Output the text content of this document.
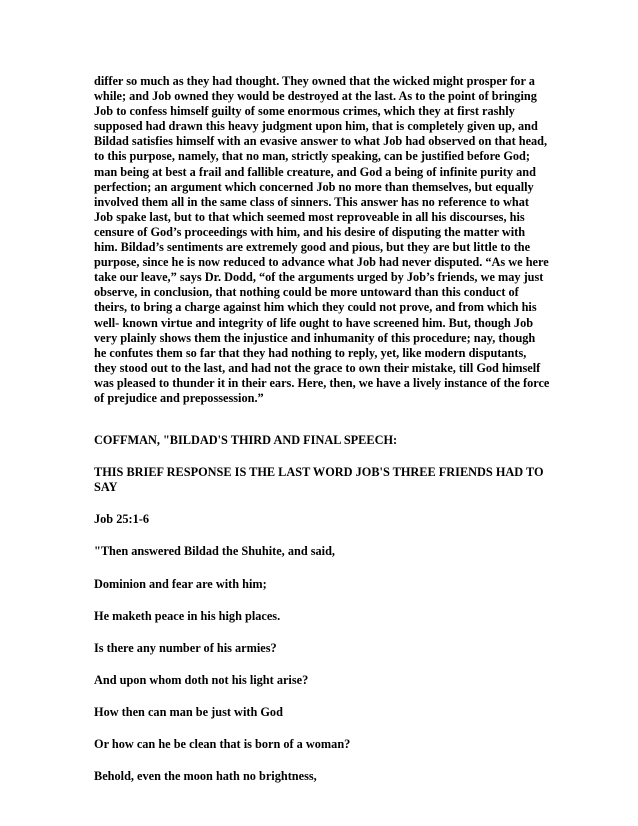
differ so much as they had thought. They owned that the wicked might prosper for a while; and Job owned they would be destroyed at the last. As to the point of bringing Job to confess himself guilty of some enormous crimes, which they at first rashly supposed had drawn this heavy judgment upon him, that is completely given up, and Bildad satisfies himself with an evasive answer to what Job had observed on that head, to this purpose, namely, that no man, strictly speaking, can be justified before God; man being at best a frail and fallible creature, and God a being of infinite purity and perfection; an argument which concerned Job no more than themselves, but equally involved them all in the same class of sinners. This answer has no reference to what Job spake last, but to that which seemed most reproveable in all his discourses, his censure of God’s proceedings with him, and his desire of disputing the matter with him. Bildad’s sentiments are extremely good and pious, but they are but little to the purpose, since he is now reduced to advance what Job had never disputed. “As we here take our leave,” says Dr. Dodd, “of the arguments urged by Job’s friends, we may just observe, in conclusion, that nothing could be more untoward than this conduct of theirs, to bring a charge against him which they could not prove, and from which his well- known virtue and integrity of life ought to have screened him. But, though Job very plainly shows them the injustice and inhumanity of this procedure; nay, though he confutes them so far that they had nothing to reply, yet, like modern disputants, they stood out to the last, and had not the grace to own their mistake, till God himself was pleased to thunder it in their ears. Here, then, we have a lively instance of the force of prejudice and prepossession.”

COFFMAN, "BILDAD'S THIRD AND FINAL SPEECH:

THIS BRIEF RESPONSE IS THE LAST WORD JOB'S THREE FRIENDS HAD TO SAY

Job 25:1-6

"Then answered Bildad the Shuhite, and said,

Dominion and fear are with him;

He maketh peace in his high places.

Is there any number of his armies?

And upon whom doth not his light arise?

How then can man be just with God

Or how can he be clean that is born of a woman?

Behold, even the moon hath no brightness,
